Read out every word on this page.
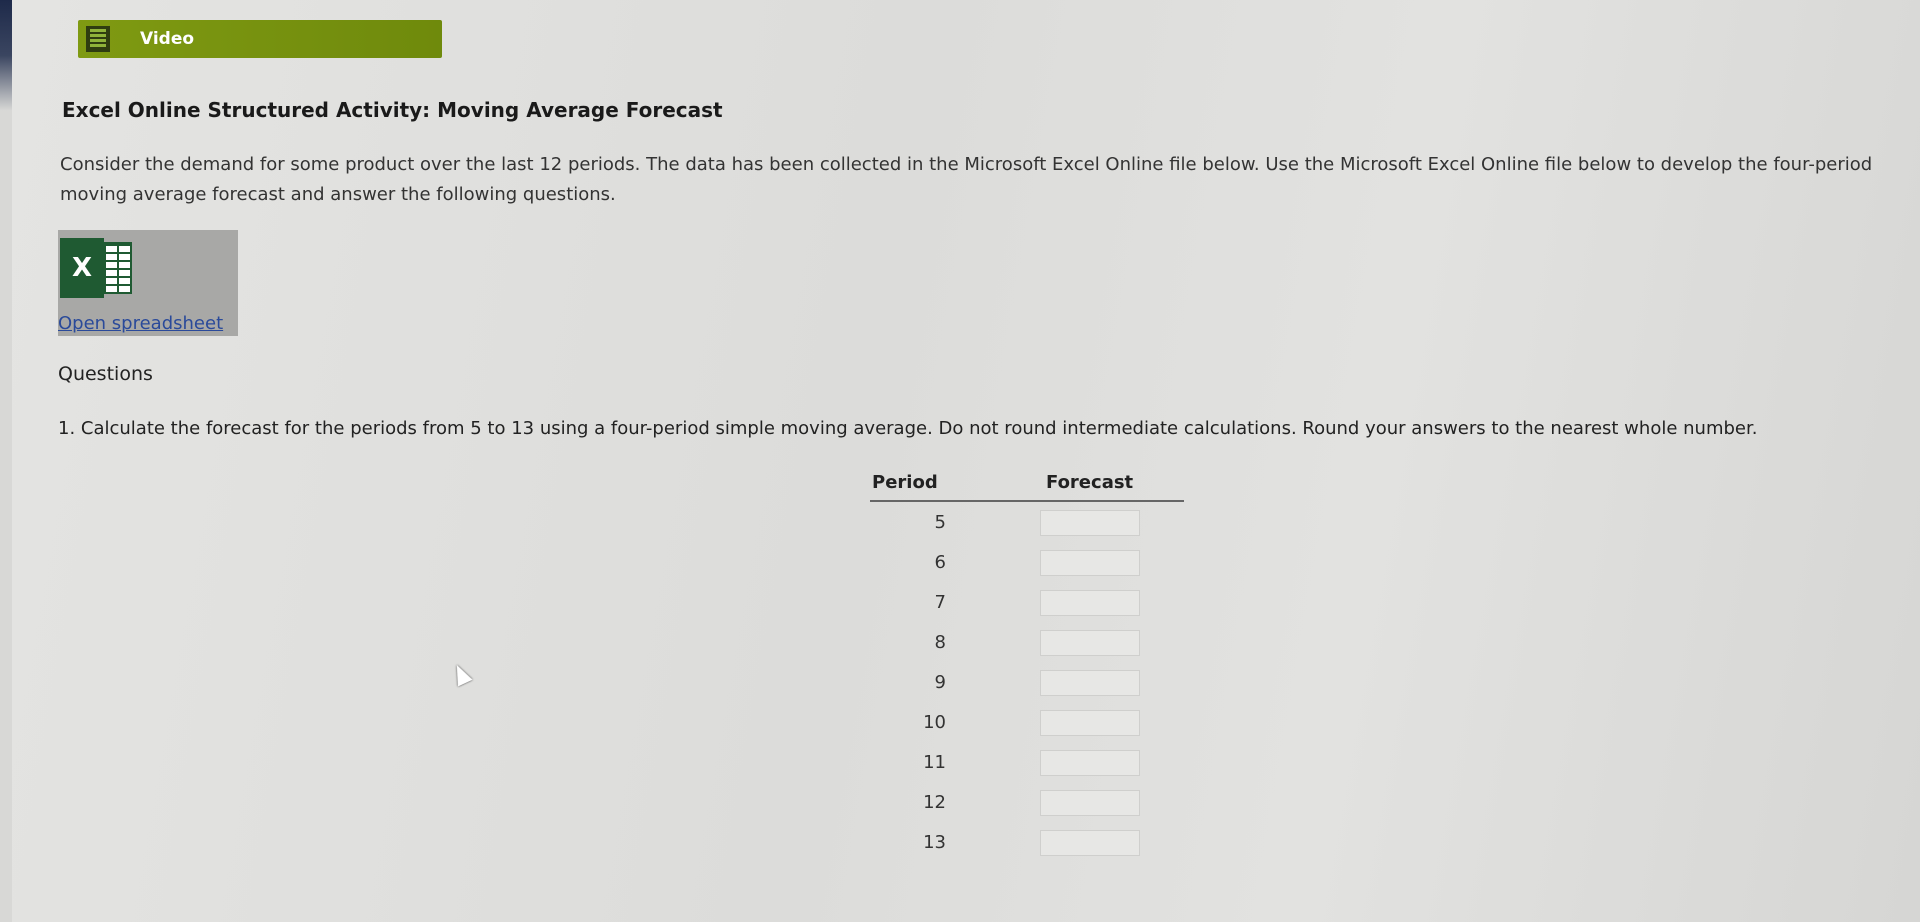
Video
Excel Online Structured Activity: Moving Average Forecast
Consider the demand for some product over the last 12 periods. The data has been collected in the Microsoft Excel Online file below. Use the Microsoft Excel Online file below to develop the four-period moving average forecast and answer the following questions.
X
Open spreadsheet
Questions
1. Calculate the forecast for the periods from 5 to 13 using a four-period simple moving average. Do not round intermediate calculations. Round your answers to the nearest whole number.
Period	Forecast
5
6
7
8
9
10
11
12
13
